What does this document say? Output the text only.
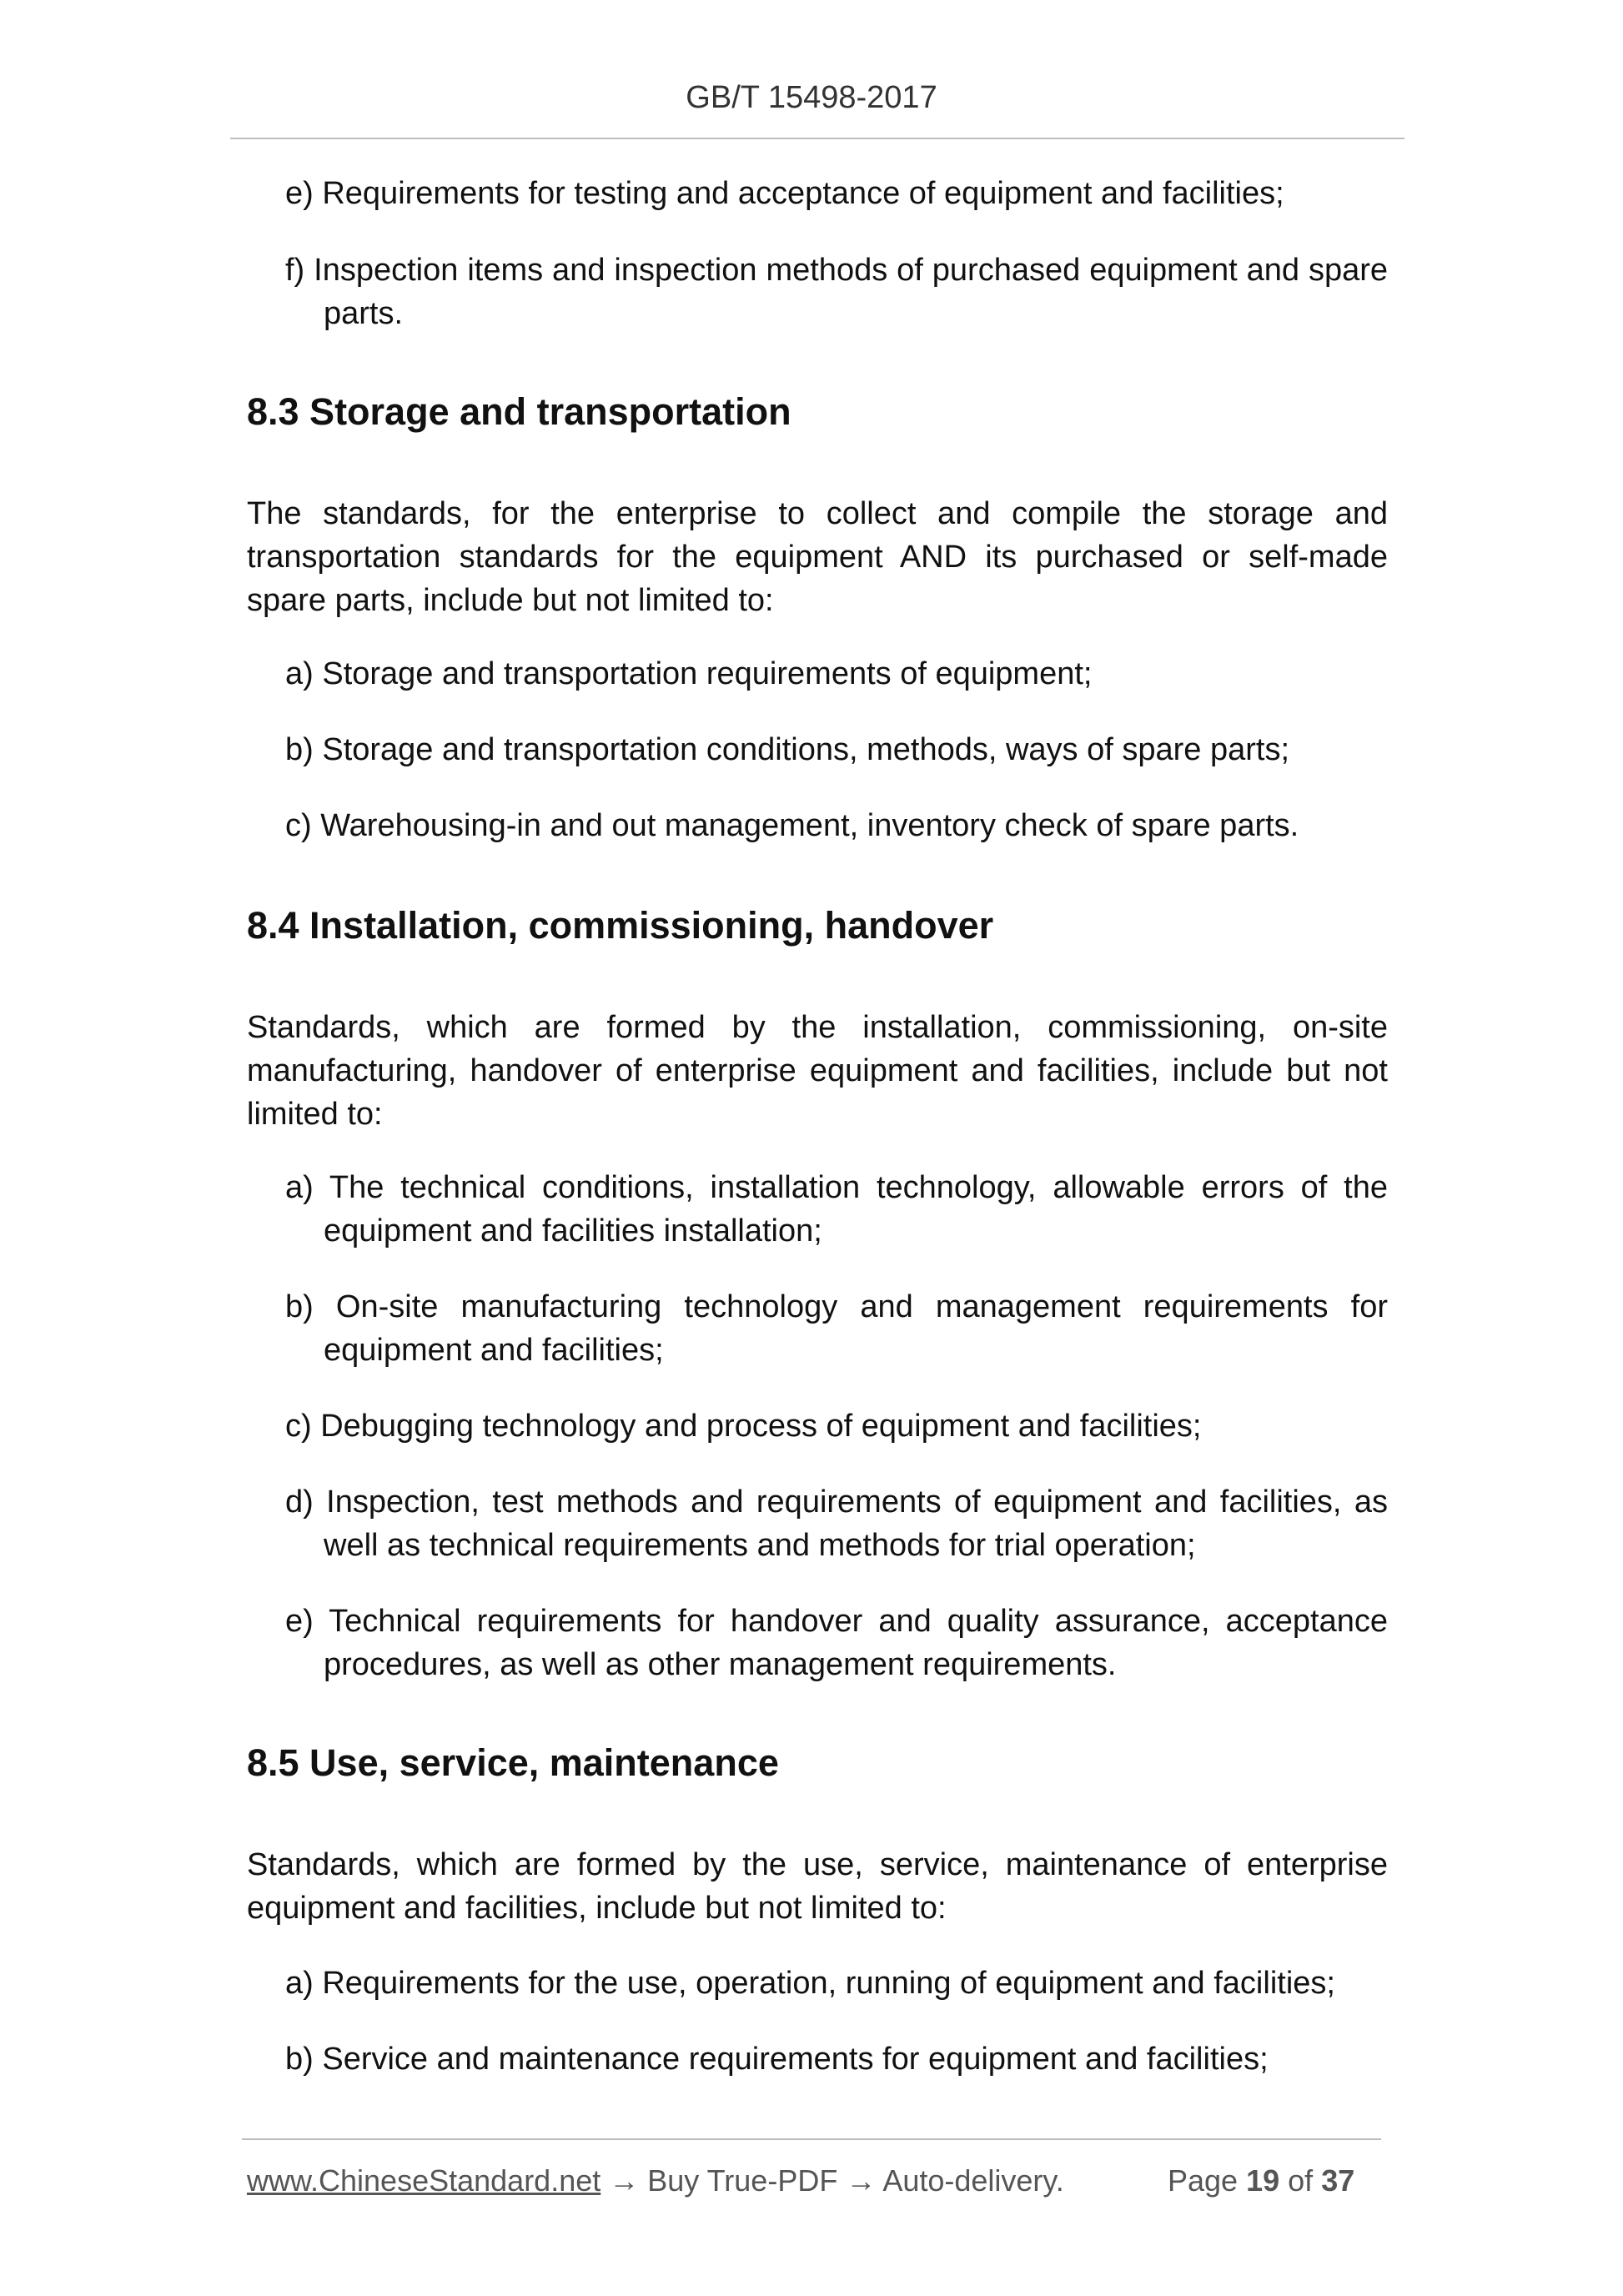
GB/T 15498-2017

e) Requirements for testing and acceptance of equipment and facilities;

f) Inspection items and inspection methods of purchased equipment and spare parts.

8.3 Storage and transportation

The standards, for the enterprise to collect and compile the storage and transportation standards for the equipment AND its purchased or self-made spare parts, include but not limited to:

a) Storage and transportation requirements of equipment;

b) Storage and transportation conditions, methods, ways of spare parts;

c) Warehousing-in and out management, inventory check of spare parts.

8.4 Installation, commissioning, handover

Standards, which are formed by the installation, commissioning, on-site manufacturing, handover of enterprise equipment and facilities, include but not limited to:

a) The technical conditions, installation technology, allowable errors of the equipment and facilities installation;

b) On-site manufacturing technology and management requirements for equipment and facilities;

c) Debugging technology and process of equipment and facilities;

d) Inspection, test methods and requirements of equipment and facilities, as well as technical requirements and methods for trial operation;

e) Technical requirements for handover and quality assurance, acceptance procedures, as well as other management requirements.

8.5 Use, service, maintenance

Standards, which are formed by the use, service, maintenance of enterprise equipment and facilities, include but not limited to:

a) Requirements for the use, operation, running of equipment and facilities;

b) Service and maintenance requirements for equipment and facilities;

www.ChineseStandard.net → Buy True-PDF → Auto-delivery.	Page 19 of 37
